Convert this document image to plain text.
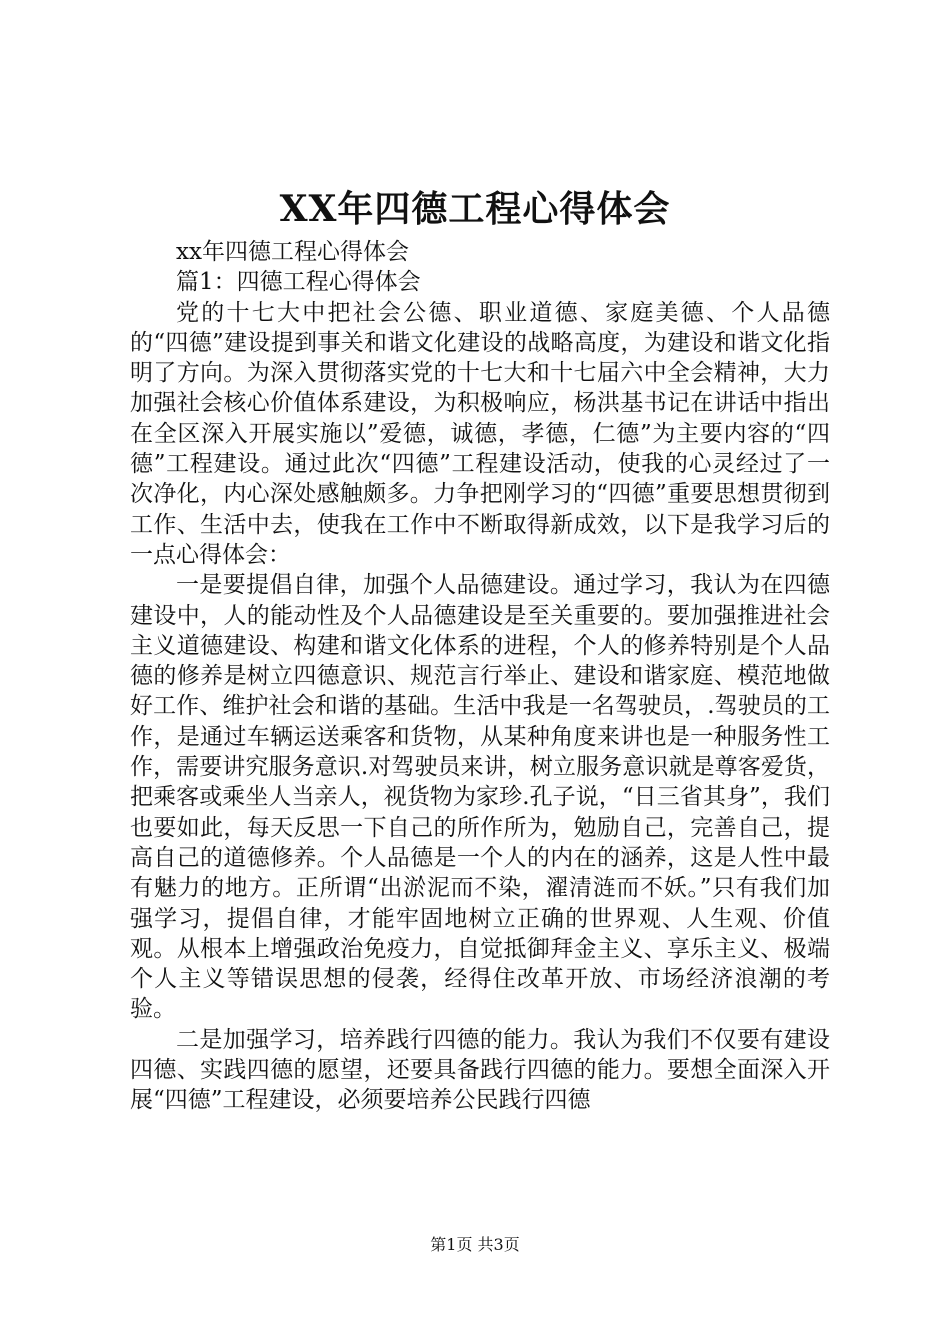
XX年四德工程心得体会

xx年四德工程心得体会

篇1：四德工程心得体会

党的十七大中把社会公德、职业道德、家庭美德、个人品德的“四德”建设提到事关和谐文化建设的战略高度，为建设和谐文化指明了方向。为深入贯彻落实党的十七大和十七届六中全会精神，大力加强社会核心价值体系建设，为积极响应，杨洪基书记在讲话中指出在全区深入开展实施以”爱德，诚德，孝德，仁德”为主要内容的“四德”工程建设。通过此次“四德”工程建设活动，使我的心灵经过了一次净化，内心深处感触颇多。力争把刚学习的“四德”重要思想贯彻到工作、生活中去，使我在工作中不断取得新成效，以下是我学习后的一点心得体会：

一是要提倡自律，加强个人品德建设。通过学习，我认为在四德建设中，人的能动性及个人品德建设是至关重要的。要加强推进社会主义道德建设、构建和谐文化体系的进程，个人的修养特别是个人品德的修养是树立四德意识、规范言行举止、建设和谐家庭、模范地做好工作、维护社会和谐的基础。生活中我是一名驾驶员，.驾驶员的工作，是通过车辆运送乘客和货物，从某种角度来讲也是一种服务性工作，需要讲究服务意识.对驾驶员来讲，树立服务意识就是尊客爱货，把乘客或乘坐人当亲人，视货物为家珍.孔子说，“日三省其身”，我们也要如此，每天反思一下自己的所作所为，勉励自己，完善自己，提高自己的道德修养。个人品德是一个人的内在的涵养，这是人性中最有魅力的地方。正所谓“出淤泥而不染，濯清涟而不妖。”只有我们加强学习，提倡自律，才能牢固地树立正确的世界观、人生观、价值观。从根本上增强政治免疫力，自觉抵御拜金主义、享乐主义、极端个人主义等错误思想的侵袭，经得住改革开放、市场经济浪潮的考验。

二是加强学习，培养践行四德的能力。我认为我们不仅要有建设四德、实践四德的愿望，还要具备践行四德的能力。要想全面深入开展“四德”工程建设，必须要培养公民践行四德

第1页 共3页
